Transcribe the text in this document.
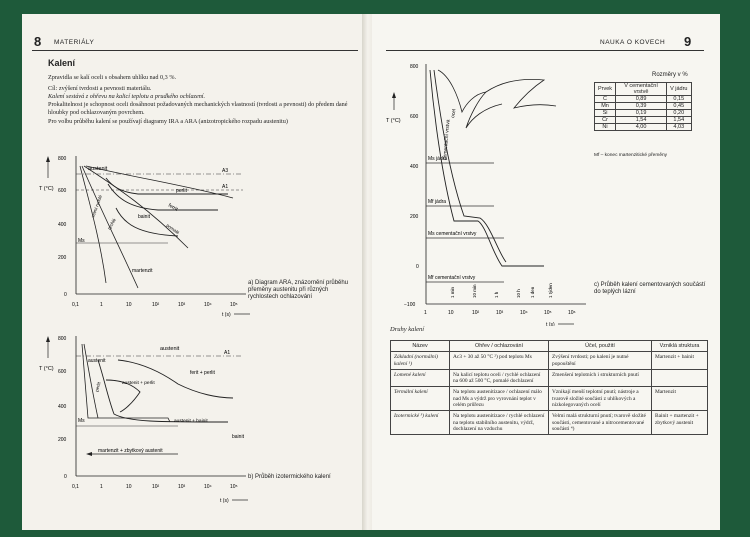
8 MATERIÁLY
Kalení
Zpravidla se kalí oceli s obsahem uhlíku nad 0,3 %.
Cíl: zvýšení tvrdosti a pevnosti materiálu.
Kalení sestává z ohřevu na kalicí teplotu a prudkého ochlazení.
Prokalitelnost je schopnost oceli dosáhnout požadovaných mechanických vlastností (tvrdosti a pevnosti) do předem dané hloubky pod ochlazovaným povrchem.
Pro volbu průběhu kalení se používají diagramy IRA a ARA (anizotropického rozpadu austenitu)
T (°C)
800
600
400
200
0
austenit	A3
A1
perlit
bainit
ferrit
martenzit
Ms
rychlé	pomalé
velmi rychlé
0,1	1	10	10²	10³	10⁴	10⁵
t (s)
a) Diagram ARA, znázornění průběhu přeměny austenitu při různých rychlostech ochlazování
T (°C)
800
600
400
200
0
austenit
A1
austenit
ferit + perlit
austenit + perlit
perlit
austenit + bainit
bainit
Ms
martenzit + zbytkový austenit
0,1	1	10	10²	10³	10⁴	10⁵
t (s)
b) Průběh izotermického kalení
NAUKA O KOVECH 9
T (°C)
800
600
400
200
0
−100
cementační vrstva
ocel
Ms jádra
Mf jádra
Ms cementační vrstvy
Mf cementační vrstvy
1 min	10 min	1 h	10 h 1 den	1 týden
1	10	10²	10³	10⁴	10⁵	10⁶
t (s)
c) Průběh kalení cementovaných součástí do teplých lázní
Rozměry v %
Prvek	V cementační vrstvě	V jádru
C	0,89	0,15
Mn	0,39	0,45
Si	0,19	0,20
Cr	1,54	1,54
Ni	4,00	4,03
Mf – konec martenzitické přeměny
Druhy kalení
Název	Ohřev / ochlazování	Účel, použití	Vzniklá struktura
Základní (normální) kalení ¹)	Ac3 + 30 až 50 °C ²) pod teplotu Ms	Zvýšení tvrdosti; po kalení je nutné popouštění	Martenzit + bainit
Lomené kalení	Na kalicí teplotu oceli / rychlé ochlazení na 600 až 500 °C, pomalé dochlazení	Zmenšení teplotních i strukturních pnutí	
Termální kalení	Na teplotu austenitizace / ochlazení málo nad Ms a výdrž pro vyrovnání teplot v celém průřezu	Vznikají menší teplotní pnutí; nástroje a tvarově složité součásti z uhlíkových a nízkolegovaných ocelí	Martenzit
Izotermické ³) kalení	Na teplotu austenitizace / rychlé ochlazení na teplotu stabilního austenitu, výdrž, dochlazení na vzduchu	Velmi malá strukturní pnutí; tvarově složité součásti, cementované a nitrocementované součásti ⁴)	Bainit + martenzit + zbytkový austenit
